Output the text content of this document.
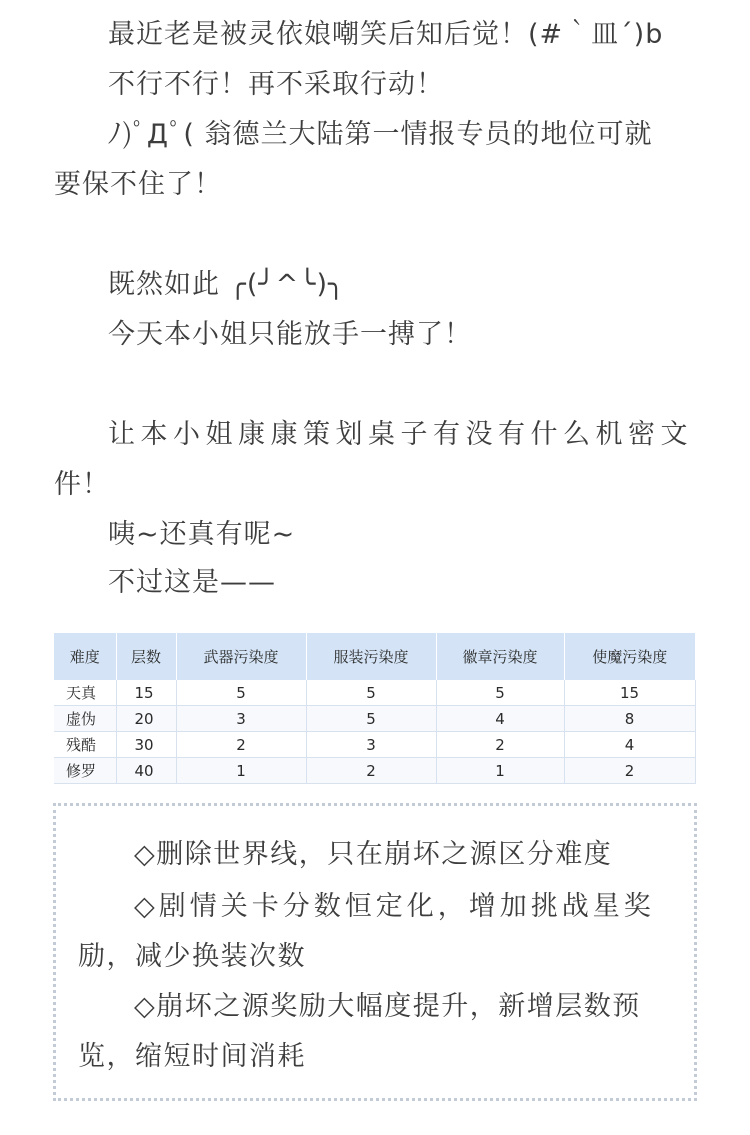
最近老是被灵依娘嘲笑后知后觉！(#｀皿´)b
不行不行！再不采取行动！
ﾉ)ﾟДﾟ( 翁德兰大陆第一情报专员的地位可就
要保不住了！
既然如此 ╭(╯^╰)╮
今天本小姐只能放手一搏了！
让本小姐康康策划桌子有没有什么机密文
件！
咦~还真有呢~
不过这是——
难度	层数	武器污染度	服装污染度	徽章污染度	使魔污染度
天真	15	5	5	5	15
虚伪	20	3	5	4	8
残酷	30	2	3	2	4
修罗	40	1	2	1	2
◇删除世界线，只在崩坏之源区分难度
◇剧情关卡分数恒定化，增加挑战星奖
励，减少换装次数
◇崩坏之源奖励大幅度提升，新增层数预
览，缩短时间消耗
